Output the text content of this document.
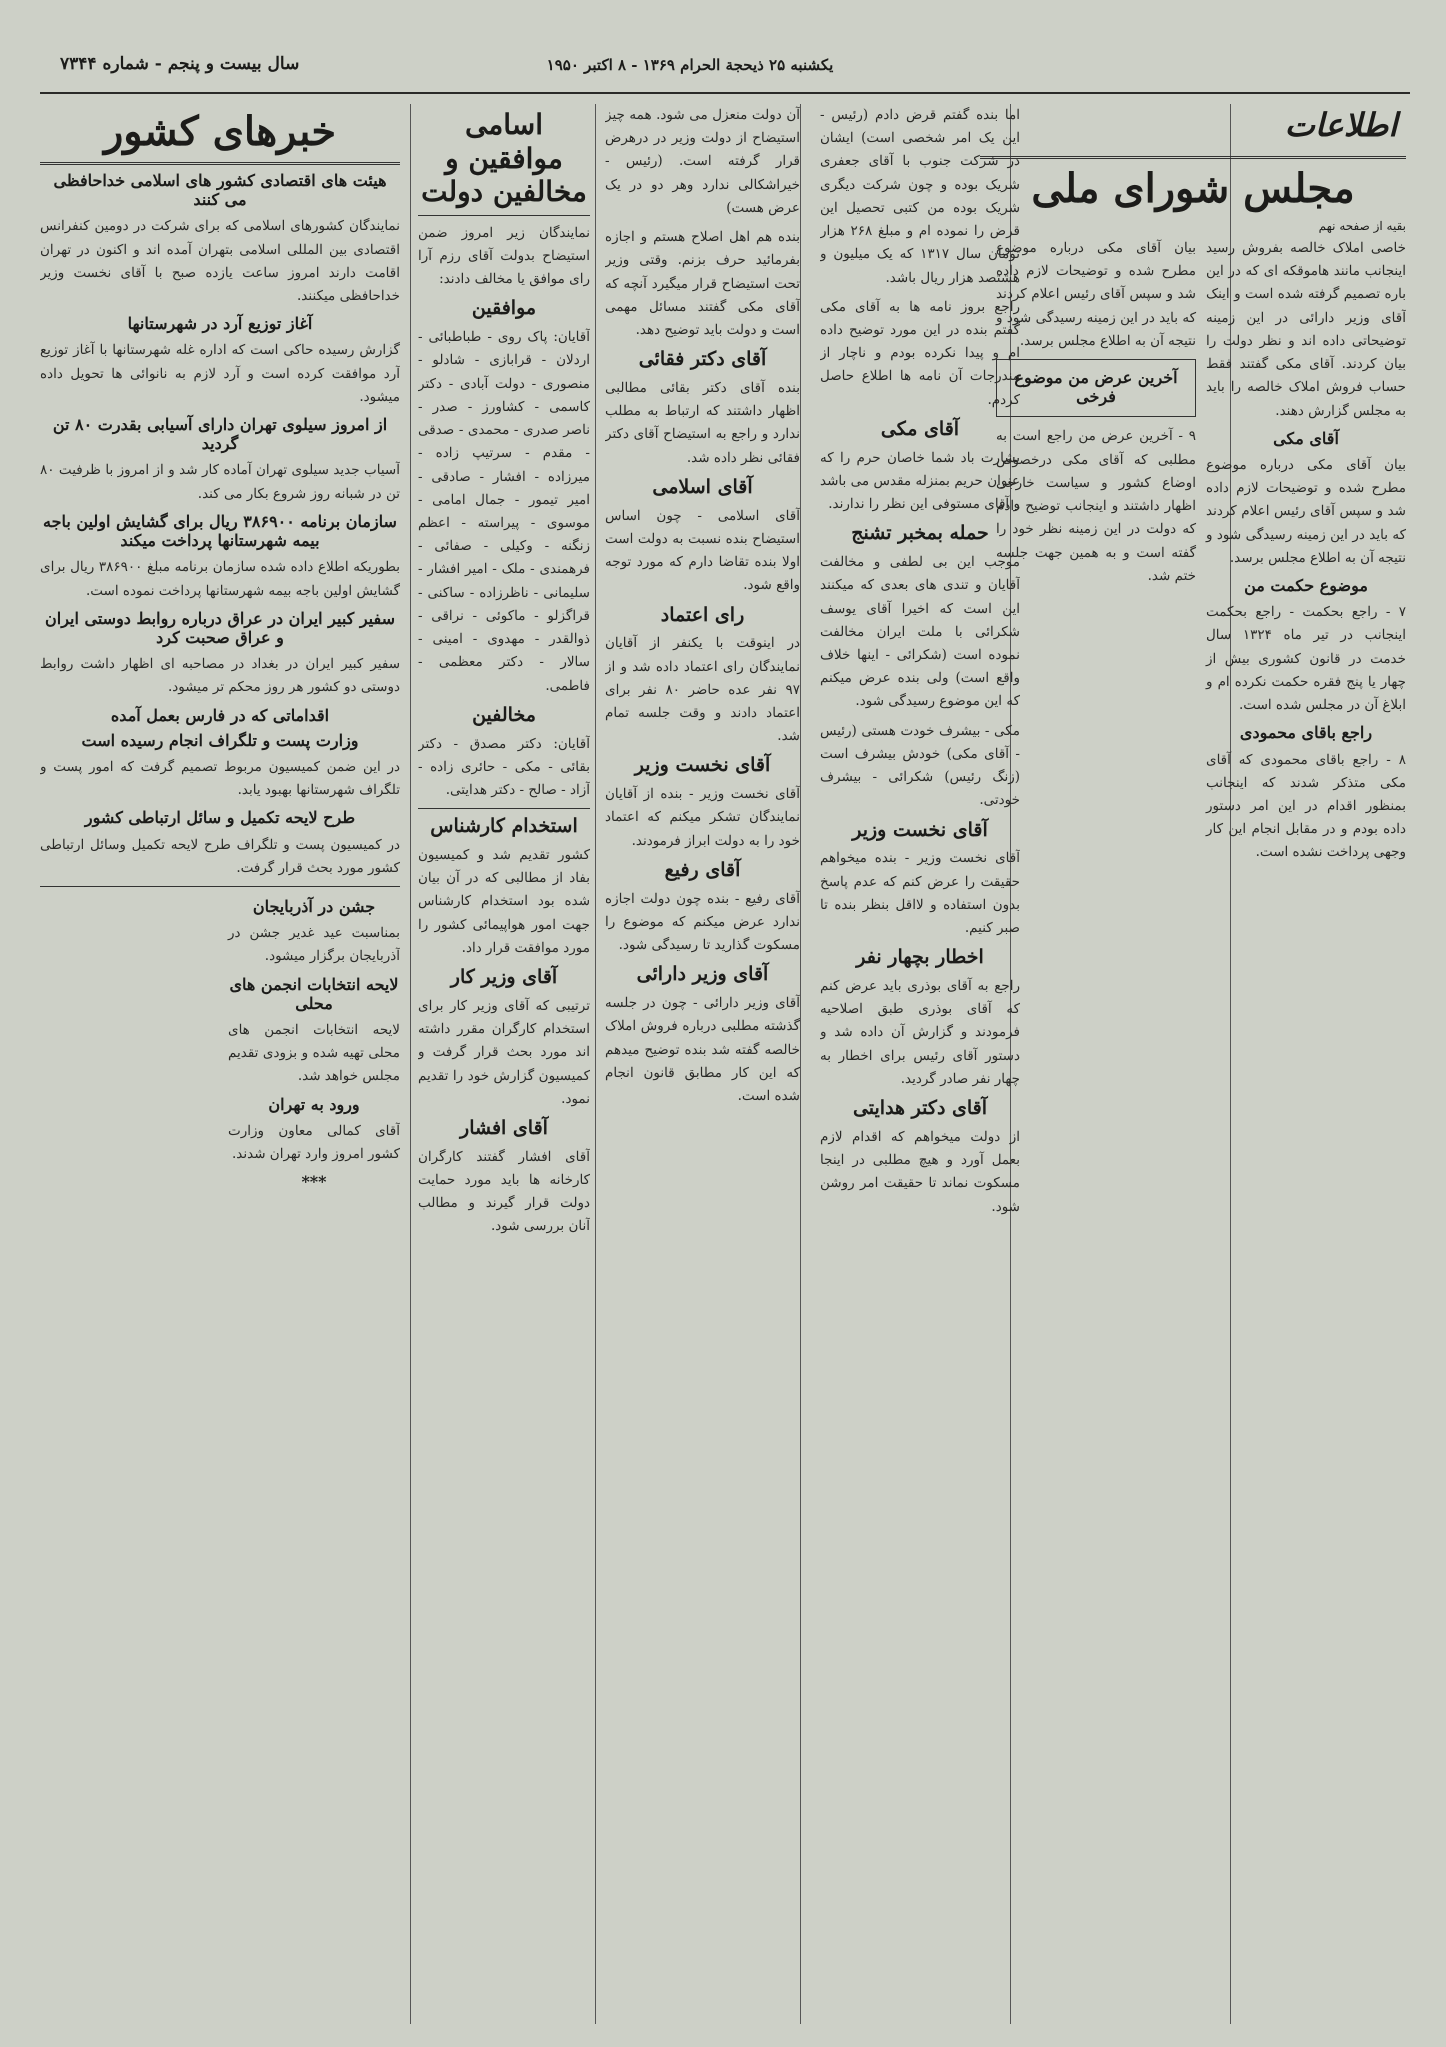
یکشنبه ۲۵ ذیحجة الحرام ۱۳۶۹ - ۸ اکتبر ۱۹۵۰
سال بیست و پنجم - شماره ۷۳۴۴
اطلاعات
مجلس شورای ملی
بقیه از صفحه نهم

خاصی املاک خالصه بفروش رسید اینجانب مانند هاموقکه ای که در این باره تصمیم گرفته شده است و اینک آقای وزیر دارائی در این زمینه توضیحاتی داده اند و نظر دولت را بیان کردند. آقای مکی گفتند فقط حساب فروش املاک خالصه را باید به مجلس گزارش دهند.

آقای مکی

بیان آقای مکی درباره موضوع مطرح شده و توضیحات لازم داده شد و سپس آقای رئیس اعلام کردند که باید در این زمینه رسیدگی شود و نتیجه آن به اطلاع مجلس برسد.

موضوع حکمت من

۷ - راجع بحکمت - راجع بحکمت اینجانب در تیر ماه ۱۳۲۴ سال خدمت در قانون کشوری بیش از چهار یا پنج فقره حکمت نکرده ام و ابلاغ آن در مجلس شده است.

راجع باقای محمودی

۸ - راجع باقای محمودی که آقای مکی متذکر شدند که اینجانب بمنظور اقدام در این امر دستور داده بودم و در مقابل انجام این کار وجهی پرداخت نشده است.

بیان آقای مکی درباره موضوع مطرح شده و توضیحات لازم داده شد و سپس آقای رئیس اعلام کردند که باید در این زمینه رسیدگی شود و نتیجه آن به اطلاع مجلس برسد.

آخرین عرض من موضوع فرخی

۹ - آخرین عرض من راجع است به مطلبی که آقای مکی درخصوص اوضاع کشور و سیاست خارجی اظهار داشتند و اینجانب توضیح دادم که دولت در این زمینه نظر خود را گفته است و به همین جهت جلسه ختم شد.

اما بنده گفتم قرض دادم (رئیس - این یک امر شخصی است) ایشان در شرکت جنوب با آقای جعفری شریک بوده و چون شرکت دیگری شریک بوده من کتبی تحصیل این قرض را نموده ام و مبلغ ۲۶۸ هزار تومان سال ۱۳۱۷ که یک میلیون و هشتصد هزار ریال باشد.

راجع بروز نامه ها به آقای مکی گفتم بنده در این مورد توضیح داده ام و پیدا نکرده بودم و ناچار از مندرجات آن نامه ها اطلاع حاصل کردم.

آقای مکی

بشارت باد شما خاصان حرم را که عنوان حریم بمنزله مقدس می باشد و آقای مستوفی این نظر را ندارند.

حمله بمخبر تشنج

موجب این بی لطفی و مخالفت آقایان و تندی های بعدی که میکنند این است که اخیرا آقای یوسف شکرائی با ملت ایران مخالفت نموده است (شکرائی - اینها خلاف واقع است) ولی بنده عرض میکنم که این موضوع رسیدگی شود.

مکی - بیشرف خودت هستی (رئیس - آقای مکی) خودش بیشرف است (زنگ رئیس) شکرائی - بیشرف خودتی.

آقای نخست وزیر

آقای نخست وزیر - بنده میخواهم حقیقت را عرض کنم که عدم پاسخ بدون استفاده و لااقل بنظر بنده تا صبر کنیم.

اخطار بچهار نفر

راجع به آقای بوذری باید عرض کنم که آقای بوذری طبق اصلاحیه فرمودند و گزارش آن داده شد و دستور آقای رئیس برای اخطار به چهار نفر صادر گردید.

آقای دکتر هدایتی

از دولت میخواهم که اقدام لازم بعمل آورد و هیچ مطلبی در اینجا مسکوت نماند تا حقیقت امر روشن شود.

آن دولت منعزل می شود. همه چیز استیضاح از دولت وزیر در درهرض قرار گرفته است. (رئیس - خیراشکالی ندارد وهر دو در یک عرض هست)

بنده هم اهل اصلاح هستم و اجازه بفرمائید حرف بزنم. وقتی وزیر تحت استیضاح قرار میگیرد آنچه که آقای مکی گفتند مسائل مهمی است و دولت باید توضیح دهد.

آقای دکتر فقائی

بنده آقای دکتر بقائی مطالبی اظهار داشتند که ارتباط به مطلب ندارد و راجع به استیضاح آقای دکتر فقائی نظر داده شد.

آقای اسلامی

آقای اسلامی - چون اساس استیضاح بنده نسبت به دولت است اولا بنده تقاضا دارم که مورد توجه واقع شود.

رای اعتماد

در اینوقت با یکنفر از آقایان نمایندگان رای اعتماد داده شد و از ۹۷ نفر عده حاضر ۸۰ نفر برای اعتماد دادند و وقت جلسه تمام شد.

آقای نخست وزیر

آقای نخست وزیر - بنده از آقایان نمایندگان تشکر میکنم که اعتماد خود را به دولت ابراز فرمودند.

آقای رفیع

آقای رفیع - بنده چون دولت اجازه ندارد عرض میکنم که موضوع را مسکوت گذارید تا رسیدگی شود.

آقای وزیر دارائی

آقای وزیر دارائی - چون در جلسه گذشته مطلبی درباره فروش املاک خالصه گفته شد بنده توضیح میدهم که این کار مطابق قانون انجام شده است.

اسامی موافقین و مخالفین دولت

نمایندگان زیر امروز ضمن استیضاح بدولت آقای رزم آرا رای موافق یا مخالف دادند:

موافقین

آقایان: پاک روی - طباطبائی - اردلان - قرابازی - شادلو - منصوری - دولت آبادی - دکتر کاسمی - کشاورز - صدر - ناصر صدری - محمدی - صدقی - مقدم - سرتیپ زاده - میرزاده - افشار - صادقی - امیر تیمور - جمال امامی - موسوی - پیراسته - اعظم زنگنه - وکیلی - صفائی - فرهمندی - ملک - امیر افشار - سلیمانی - ناظرزاده - ساکنی - قراگزلو - ماکوئی - نراقی - ذوالقدر - مهدوی - امینی - سالار - دکتر معظمی - فاطمی.

مخالفین

آقایان: دکتر مصدق - دکتر بقائی - مکی - حائری زاده - آزاد - صالح - دکتر هدایتی.

استخدام کارشناس

کشور تقدیم شد و کمیسیون بفاد از مطالبی که در آن بیان شده بود استخدام کارشناس جهت امور هواپیمائی کشور را مورد موافقت قرار داد.

آقای وزیر کار

ترتیبی که آقای وزیر کار برای استخدام کارگران مقرر داشته اند مورد بحث قرار گرفت و کمیسیون گزارش خود را تقدیم نمود.

آقای افشار

آقای افشار گفتند کارگران کارخانه ها باید مورد حمایت دولت قرار گیرند و مطالب آنان بررسی شود.

خبرهای کشور
هیئت های اقتصادی کشور های اسلامی خداحافظی می کنند

نمایندگان کشورهای اسلامی که برای شرکت در دومین کنفرانس اقتصادی بین المللی اسلامی بتهران آمده اند و اکنون در تهران اقامت دارند امروز ساعت یازده صبح با آقای نخست وزیر خداحافظی میکنند.

آغاز توزیع آرد در شهرستانها

گزارش رسیده حاکی است که اداره غله شهرستانها با آغاز توزیع آرد موافقت کرده است و آرد لازم به نانوائی ها تحویل داده میشود.

از امروز سیلوی تهران دارای آسیابی بقدرت ۸۰ تن گردید

آسیاب جدید سیلوی تهران آماده کار شد و از امروز با ظرفیت ۸۰ تن در شبانه روز شروع بکار می کند.

سازمان برنامه ۳۸۶۹۰۰ ریال برای گشایش اولین باجه بیمه شهرستانها پرداخت میکند

بطوریکه اطلاع داده شده سازمان برنامه مبلغ ۳۸۶۹۰۰ ریال برای گشایش اولین باجه بیمه شهرستانها پرداخت نموده است.

سفیر کبیر ایران در عراق درباره روابط دوستی ایران و عراق صحبت کرد

سفیر کبیر ایران در بغداد در مصاحبه ای اظهار داشت روابط دوستی دو کشور هر روز محکم تر میشود.

اقداماتی که در فارس بعمل آمده
وزارت پست و تلگراف انجام رسیده است

در این ضمن کمیسیون مربوط تصمیم گرفت که امور پست و تلگراف شهرستانها بهبود یابد.

طرح لایحه تکمیل و سائل ارتباطی کشور

در کمیسیون پست و تلگراف طرح لایحه تکمیل وسائل ارتباطی کشور مورد بحث قرار گرفت.

جشن در آذربایجان

بمناسبت عید غدیر جشن در آذربایجان برگزار میشود.

لایحه انتخابات انجمن های محلی

لایحه انتخابات انجمن های محلی تهیه شده و بزودی تقدیم مجلس خواهد شد.

ورود به تهران

آقای کمالی معاون وزارت کشور امروز وارد تهران شدند.

***
